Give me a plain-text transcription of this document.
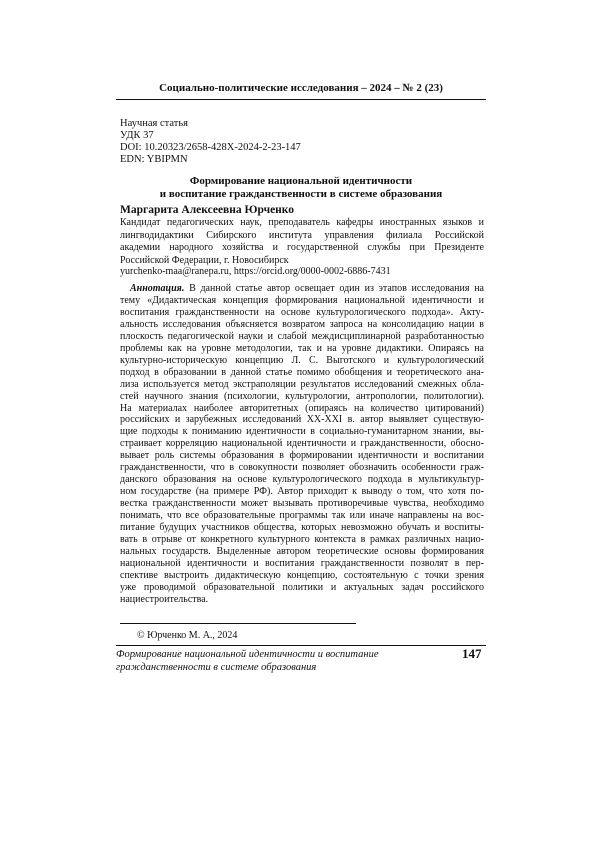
Социально-политические исследования – 2024 – № 2 (23)
Научная статья
УДК 37
DOI: 10.20323/2658-428X-2024-2-23-147
EDN: YBIPMN
Формирование национальной идентичности
и воспитание гражданственности в системе образования
Маргарита Алексеевна Юрченко
Кандидат педагогических наук, преподаватель кафедры иностранных языков и
лингводидактики Сибирского института управления филиала Российской
академии народного хозяйства и государственной службы при Президенте
Российской Федерации, г. Новосибирск
yurchenko-maa@ranepa.ru, https://orcid.org/0000-0002-6886-7431
Аннотация. В данной статье автор освещает один из этапов исследования на
тему «Дидактическая концепция формирования национальной идентичности и
воспитания гражданственности на основе культурологического подхода». Акту-
альность исследования объясняется возвратом запроса на консолидацию нации в
плоскость педагогической науки и слабой междисциплинарной разработанностью
проблемы как на уровне методологии, так и на уровне дидактики. Опираясь на
культурно-историческую концепцию Л. С. Выготского и культурологический
подход в образовании в данной статье помимо обобщения и теоретического ана-
лиза используется метод экстраполяции результатов исследований смежных обла-
стей научного знания (психологии, культурологии, антропологии, политологии).
На материалах наиболее авторитетных (опираясь на количество цитирований)
российских и зарубежных исследований XX-XXI в. автор выявляет существую-
щие подходы к пониманию идентичности в социально-гуманитарном знании, вы-
страивает корреляцию национальной идентичности и гражданственности, обосно-
вывает роль системы образования в формировании идентичности и воспитании
гражданственности, что в совокупности позволяет обозначить особенности граж-
данского образования на основе культурологического подхода в мультикультур-
ном государстве (на примере РФ). Автор приходит к выводу о том, что хотя по-
вестка гражданственности может вызывать противоречивые чувства, необходимо
понимать, что все образовательные программы так или иначе направлены на вос-
питание будущих участников общества, которых невозможно обучать и воспиты-
вать в отрыве от конкретного культурного контекста в рамках различных нацио-
нальных государств. Выделенные автором теоретические основы формирования
национальной идентичности и воспитания гражданственности позволят в пер-
спективе выстроить дидактическую концепцию, состоятельную с точки зрения
уже проводимой образовательной политики и актуальных задач российского
нациестроительства.
© Юрченко М. А., 2024
Формирование национальной идентичности и воспитание
гражданственности в системе образования
147
